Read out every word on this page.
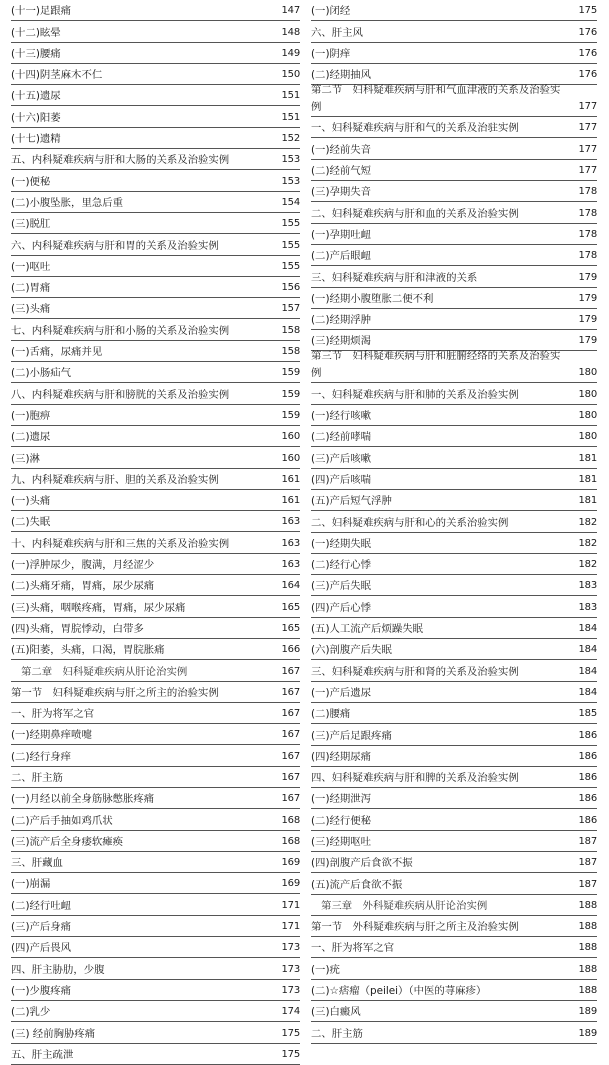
(十一)足跟痛	147
(十二)眩晕	148
(十三)腰痛	149
(十四)阴茎麻木不仁	150
(十五)遗尿	151
(十六)阳萎	151
(十七)遗精	152
五、内科疑难疾病与肝和大肠的关系及治验实例	153
(一)便秘	153
(二)小腹坠胀，里急后重	154
(三)脱肛	155
六、内科疑难疾病与肝和胃的关系及治验实例	155
(一)呕吐	155
(二)胃痛	156
(三)头痛	157
七、内科疑难疾病与肝和小肠的关系及治验实例	158
(一)舌痛，尿痛并见	158
(二)小肠疝气	159
八、内科疑难疾病与肝和膀胱的关系及治验实例	159
(一)胞痹	159
(二)遗尿	160
(三)淋	160
九、内科疑难疾病与肝、胆的关系及治验实例	161
(一)头痛	161
(二)失眠	163
十、内科疑难疾病与肝和三焦的关系及治验实例	163
(一)浮肿尿少，腹满，月经涩少	163
(二)头痛牙痛，胃痛，尿少尿痛	164
(三)头痛，咽喉疼痛，胃痛，尿少尿痛	165
(四)头痛，胃脘悸动，白带多	165
(五)阳萎，头痛，口渴，胃脘胀痛	166
第二章　妇科疑难疾病从肝论治实例	167
第一节　妇科疑难疾病与肝之所主的治验实例	167
一、肝为将军之官	167
(一)经期鼻痒喷嚏	167
(二)经行身痒	167
二、肝主筋	167
(一)月经以前全身筋脉憋胀疼痛	167
(二)产后手抽如鸡爪状	168
(三)流产后全身痿软瘫痪	168
三、肝藏血	169
(一)崩漏	169
(二)经行吐衄	171
(三)产后身痛	171
(四)产后畏风	173
四、肝主胁肋，少腹	173
(一)少腹疼痛	173
(二)乳少	174
(三) 经前胸胁疼痛	175
五、肝主疏泄	175
(一)闭经	175
六、肝主风	176
(一)阴痒	176
(二)经期抽风	176
第二节　妇科疑难疾病与肝和气血津液的关系及治验实
例	177
一、妇科疑难疾病与肝和气的关系及治驻实例	177
(一)经前失音	177
(二)经前气短	177
(三)孕期失音	178
二、妇科疑难疾病与肝和血的关系及治验实例	178
(一)孕期吐衄	178
(二)产后眼衄	178
三、妇科疑难疾病与肝和津液的关系	179
(一)经期小腹堕胀二便不利	179
(二)经期浮肿	179
(三)经期烦渴	179
第三节　妇科疑难疾病与肝和脏腑经络的关系及治验实
例	180
一、妇科疑难疾病与肝和肺的关系及治验实例	180
(一)经行咳嗽	180
(二)经前哮喘	180
(三)产后咳嗽	181
(四)产后咳喘	181
(五)产后短气浮肿	181
二、妇科疑难疾病与肝和心的关系治验实例	182
(一)经期失眠	182
(二)经行心悸	182
(三)产后失眠	183
(四)产后心悸	183
(五)人工流产后烦躁失眠	184
(六)剖腹产后失眠	184
三、妇科疑难疾病与肝和肾的关系及治验实例	184
(一)产后遗尿	184
(二)腰痛	185
(三)产后足跟疼痛	186
(四)经期尿痛	186
四、妇科疑难疾病与肝和脾的关系及治验实例	186
(一)经期泄泻	186
(二)经行便秘	186
(三)经期呕吐	187
(四)剖腹产后食欲不振	187
(五)流产后食欲不振	187
第三章　外科疑难疾病从肝论治实例	188
第一节　外科疑难疾病与肝之所主及治验实例	188
一、肝为将军之官	188
(一)疣	188
(二)☆痞瘤（peilei）（中医的荨麻疹）	188
(三)白癜风	189
二、肝主筋	189
